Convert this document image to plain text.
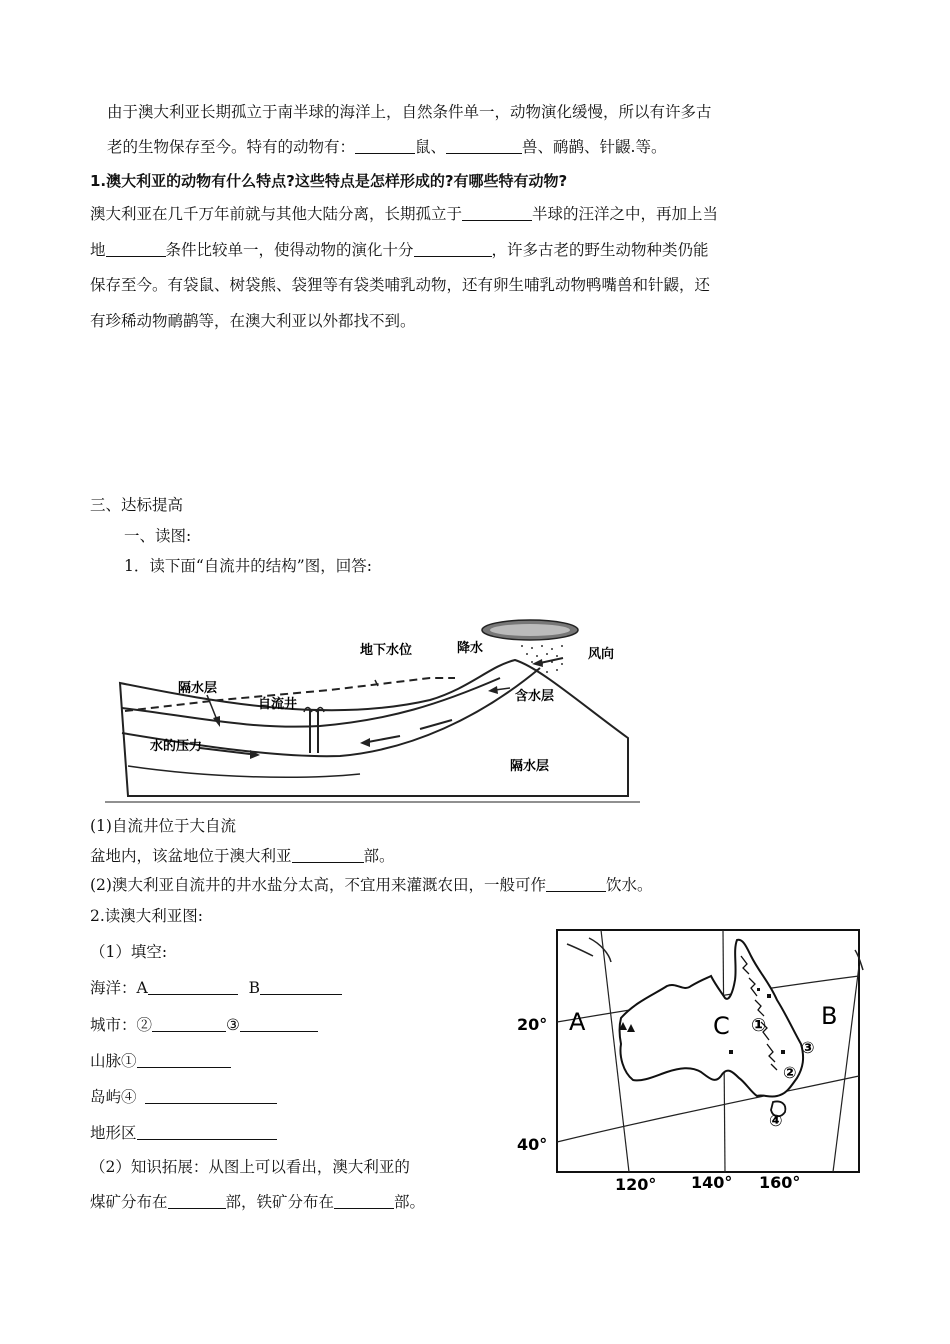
由于澳大利亚长期孤立于南半球的海洋上，自然条件单一，动物演化缓慢，所以有许多古
老的生物保存至今。特有的动物有：	鼠、	兽、鸸鹋、针鼹.等。
1.澳大利亚的动物有什么特点?这些特点是怎样形成的?有哪些特有动物?
澳大利亚在几千万年前就与其他大陆分离，长期孤立于	半球的汪洋之中，再加上当
地	条件比较单一，使得动物的演化十分	，许多古老的野生动物种类仍能
保存至今。有袋鼠、树袋熊、袋狸等有袋类哺乳动物，还有卵生哺乳动物鸭嘴兽和针鼹，还
有珍稀动物鸸鹋等，在澳大利亚以外都找不到。
三、达标提高
一、读图:
1．读下面“自流井的结构”图，回答:
地下水位	降水	风向
隔水层
自流井
含水层
水的压力
隔水层
(1)自流井位于大自流
盆地内，该盆地位于澳大利亚	部。
(2)澳大利亚自流井的井水盐分太高，不宜用来灌溉农田，一般可作	饮水。
2.读澳大利亚图:
（1）填空:
海洋：A	B
城市：②	③
山脉①
岛屿④
地形区
（2）知识拓展：从图上可以看出，澳大利亚的
煤矿分布在	部，铁矿分布在	部。
①
③
②
④
A	C	B
20°
40°
120° 140° 160°
